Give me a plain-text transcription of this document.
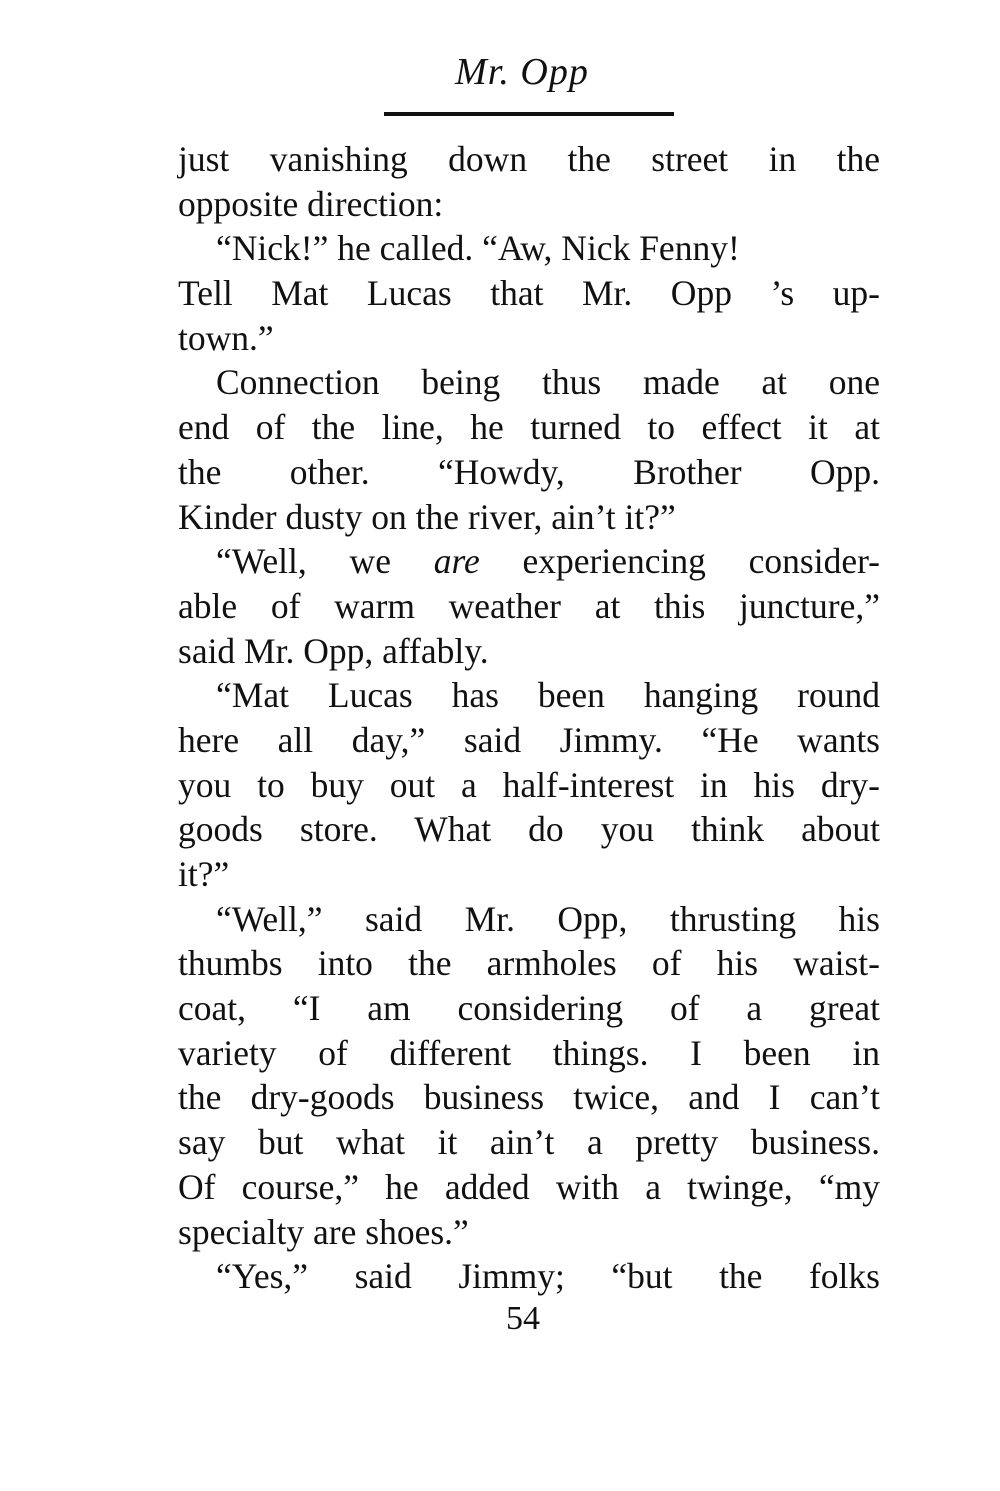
Mr. Opp
just vanishing down the street in the
opposite direction:
“Nick!” he called. “Aw, Nick Fenny!
Tell Mat Lucas that Mr. Opp ’s up-
town.”
Connection being thus made at one
end of the line, he turned to effect it at
the other. “Howdy, Brother Opp.
Kinder dusty on the river, ain’t it?”
“Well, we are experiencing consider-
able of warm weather at this juncture,”
said Mr. Opp, affably.
“Mat Lucas has been hanging round
here all day,” said Jimmy. “He wants
you to buy out a half-interest in his dry-
goods store. What do you think about
it?”
“Well,” said Mr. Opp, thrusting his
thumbs into the armholes of his waist-
coat, “I am considering of a great
variety of different things. I been in
the dry-goods business twice, and I can’t
say but what it ain’t a pretty business.
Of course,” he added with a twinge, “my
specialty are shoes.”
“Yes,” said Jimmy; “but the folks
54
